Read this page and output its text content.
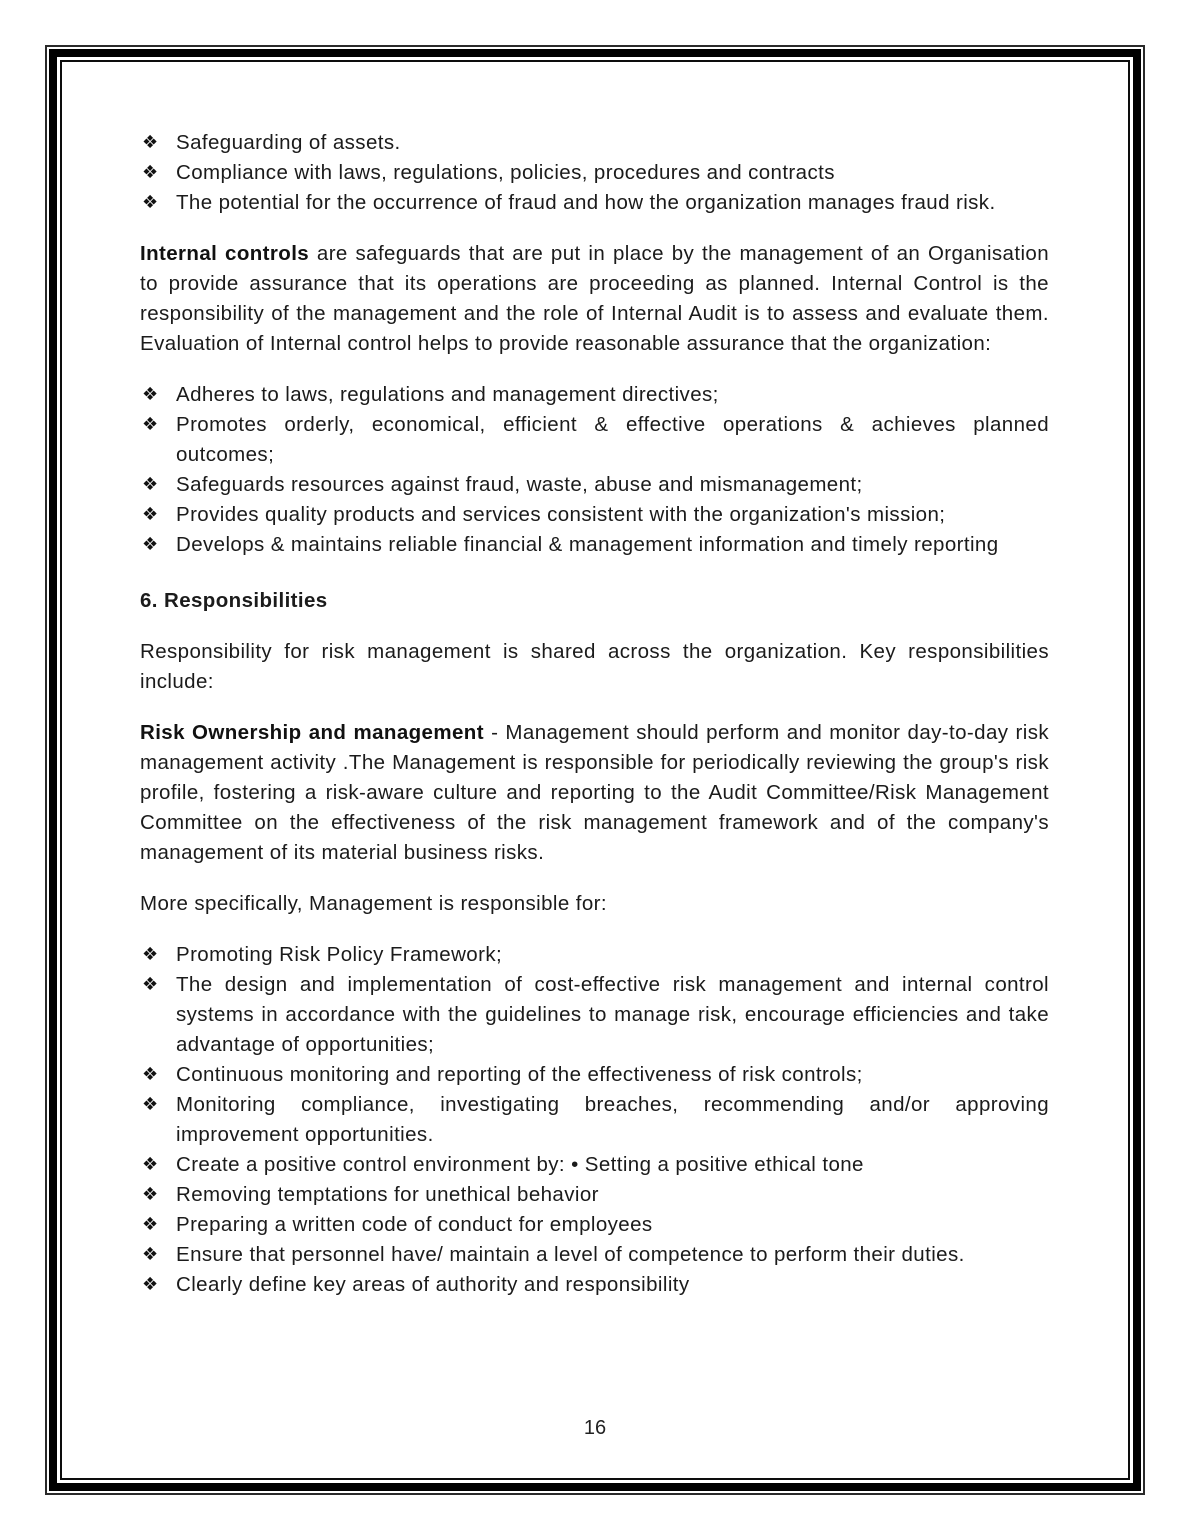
❖ Safeguarding of assets.
❖ Compliance with laws, regulations, policies, procedures and contracts
❖ The potential for the occurrence of fraud and how the organization manages fraud risk.

Internal controls are safeguards that are put in place by the management of an Organisation to provide assurance that its operations are proceeding as planned. Internal Control is the responsibility of the management and the role of Internal Audit is to assess and evaluate them. Evaluation of Internal control helps to provide reasonable assurance that the organization:

❖ Adheres to laws, regulations and management directives;
❖ Promotes orderly, economical, efficient & effective operations & achieves planned outcomes;
❖ Safeguards resources against fraud, waste, abuse and mismanagement;
❖ Provides quality products and services consistent with the organization's mission;
❖ Develops & maintains reliable financial & management information and timely reporting
6. Responsibilities

Responsibility for risk management is shared across the organization. Key responsibilities include:

Risk Ownership and management - Management should perform and monitor day-to-day risk management activity .The Management is responsible for periodically reviewing the group's risk profile, fostering a risk-aware culture and reporting to the Audit Committee/Risk Management Committee on the effectiveness of the risk management framework and of the company's management of its material business risks.

More specifically, Management is responsible for:

❖ Promoting Risk Policy Framework;
❖ The design and implementation of cost-effective risk management and internal control systems in accordance with the guidelines to manage risk, encourage efficiencies and take advantage of opportunities;
❖ Continuous monitoring and reporting of the effectiveness of risk controls;
❖ Monitoring compliance, investigating breaches, recommending and/or approving improvement opportunities.
❖ Create a positive control environment by: • Setting a positive ethical tone
❖ Removing temptations for unethical behavior
❖ Preparing a written code of conduct for employees
❖ Ensure that personnel have/ maintain a level of competence to perform their duties.
❖ Clearly define key areas of authority and responsibility
16
